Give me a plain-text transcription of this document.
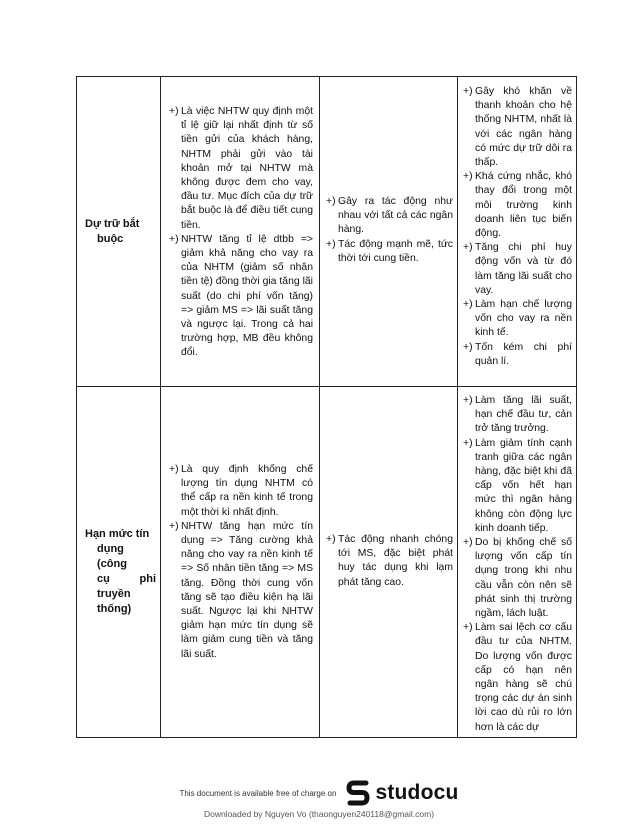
Dự trữ bắt
buộc
+) Là việc NHTW quy định một tỉ lệ giữ lại nhất định từ số tiền gửi của khách hàng, NHTM phải gửi vào tài khoản mở tại NHTW mà không được đem cho vay, đầu tư. Mục đích của dự trữ bắt buộc là để điều tiết cung tiền.
+) NHTW tăng tỉ lệ dtbb => giảm khả năng cho vay ra của NHTM (giảm số nhân tiền tệ) đồng thời gia tăng lãi suất (do chi phí vốn tăng) => giảm MS => lãi suất tăng và ngược lại. Trong cả hai trường hợp, MB đều không đổi.
+) Gây ra tác động như nhau với tất cả các ngân hàng.
+) Tác động mạnh mẽ, tức thời tới cung tiền.
+) Gây khó khăn về thanh khoản cho hệ thống NHTM, nhất là với các ngân hàng có mức dự trữ dôi ra thấp.
+) Khá cứng nhắc, khó thay đổi trong một môi trường kinh doanh liên tục biến động.
+) Tăng chi phí huy động vốn và từ đó làm tăng lãi suất cho vay.
+) Làm hạn chế lượng vốn cho vay ra nền kinh tế.
+) Tốn kém chi phí quản lí.
Hạn mức tín
dụng (công
cụ phi
truyền
thống)
+) Là quy định khống chế lượng tín dụng NHTM có thể cấp ra nền kinh tế trong một thời kì nhất định.
+) NHTW tăng hạn mức tín dụng => Tăng cường khả năng cho vay ra nền kinh tế => Số nhân tiền tăng => MS tăng. Đồng thời cung vốn tăng sẽ tạo điều kiện hạ lãi suất. Ngược lại khi NHTW giảm hạn mức tín dụng sẽ làm giảm cung tiền và tăng lãi suất.
+) Tác động nhanh chóng tới MS, đặc biệt phát huy tác dụng khi lạm phát tăng cao.
+) Làm tăng lãi suất, hạn chế đầu tư, cản trở tăng trưởng.
+) Làm giảm tính cạnh tranh giữa các ngân hàng, đặc biệt khi đã cấp vốn hết hạn mức thì ngân hàng không còn động lực kinh doanh tiếp.
+) Do bị khống chế số lượng vốn cấp tín dụng trong khi nhu cầu vẫn còn nên sẽ phát sinh thị trường ngầm, lách luật.
+) Làm sai lệch cơ cấu đầu tư của NHTM. Do lượng vốn được cấp có hạn nên ngân hàng sẽ chú trọng các dự án sinh lời cao dù rủi ro lớn hơn là các dự
This document is available free of charge on studocu
Downloaded by Nguyen Vo (thaonguyen240118@gmail.com)
